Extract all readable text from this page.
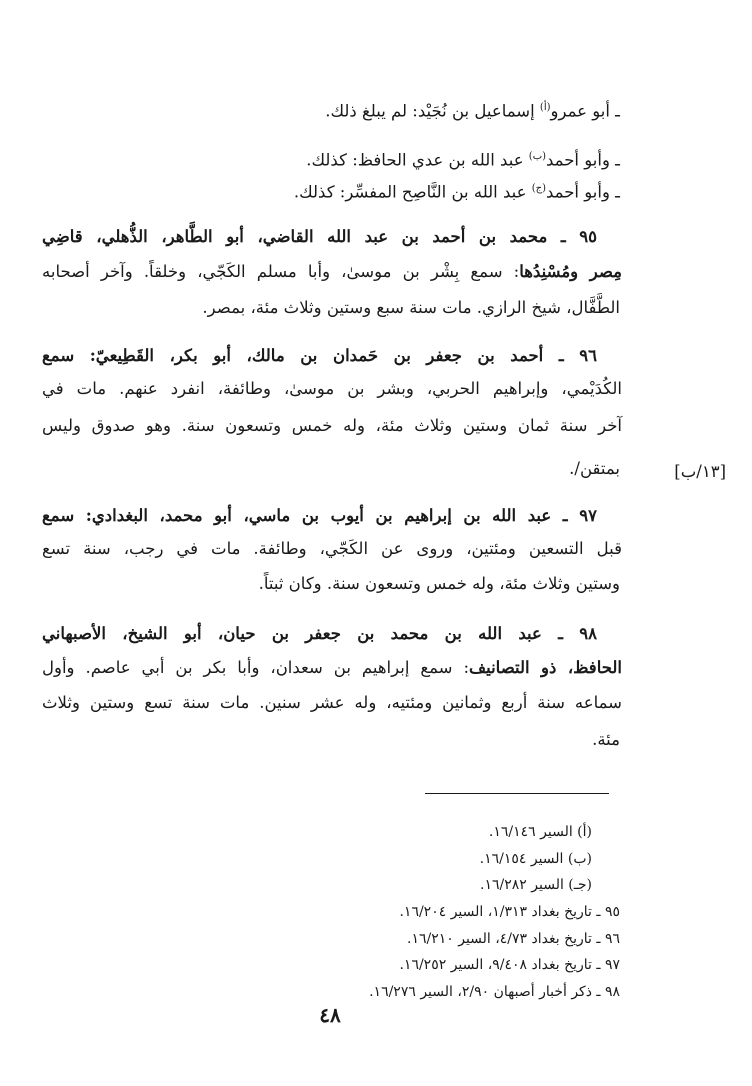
ـ أبو عمرو$^{(أ)}$ إسماعيل بن نُجَيْد: لم يبلغ ذلك.
ـ وأبو أحمد$^{(ب)}$ عبد الله بن عدي الحافظ: كذلك.
ـ وأبو أحمد$^{(ج)}$ عبد الله بن النَّاصِح المفسِّر: كذلك.
٩٥ ـ محمد بن أحمد بن عبد الله القاضي، أبو الطَّاهر، الذُّهلي، قاضِي
مِصر ومُسْنِدُها: سمع بِشْر بن موسىٰ، وأبا مسلم الكَجّي، وخلقاً. وآخر أصحابه
الطَّفَّال، شيخ الرازي. مات سنة سبع وستين وثلاث مئة، بمصر.
٩٦ ـ أحمد بن جعفر بن حَمدان بن مالك، أبو بكر، القَطِيعيّ: سمع
الكُدَيْمي، وإبراهيم الحربي، وبشر بن موسىٰ، وطائفة، انفرد عنهم. مات في
آخر سنة ثمان وستين وثلاث مئة، وله خمس وتسعون سنة. وهو صدوق وليس
بمتقن/.	[١٣/ب]
٩٧ ـ عبد الله بن إبراهيم بن أيوب بن ماسي، أبو محمد، البغدادي: سمع
قبل التسعين ومئتين، وروى عن الكَجّي، وطائفة. مات في رجب، سنة تسع
وستين وثلاث مئة، وله خمس وتسعون سنة. وكان ثبتاً.
٩٨ ـ عبد الله بن محمد بن جعفر بن حيان، أبو الشيخ، الأصبهاني
الحافظ، ذو التصانيف: سمع إبراهيم بن سعدان، وأبا بكر بن أبي عاصم. وأول
سماعه سنة أربع وثمانين ومئتيه، وله عشر سنين. مات سنة تسع وستين وثلاث
مئة.
(أ) السير ١٦/١٤٦.
(ب) السير ١٦/١٥٤.
(جـ) السير ١٦/٢٨٢.
٩٥ ـ تاريخ بغداد ١/٣١٣، السير ١٦/٢٠٤.
٩٦ ـ تاريخ بغداد ٤/٧٣، السير ١٦/٢١٠.
٩٧ ـ تاريخ بغداد ٩/٤٠٨، السير ١٦/٢٥٢.
٩٨ ـ ذكر أخبار أصبهان ٢/٩٠، السير ١٦/٢٧٦.
٤٨
